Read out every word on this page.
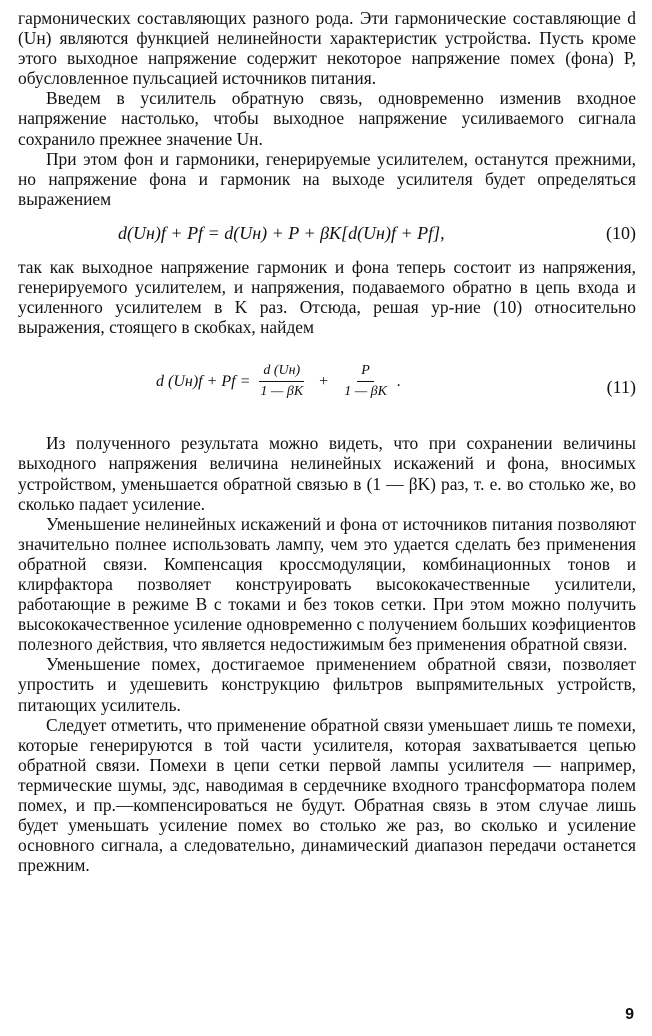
гармонических составляющих разного рода. Эти гармонические составляющие d (Uн) являются функцией нелинейности характеристик устройства. Пусть кроме этого выходное напряжение содержит некоторое напряжение помех (фона) P, обусловленное пульсацией источников питания.

Введем в усилитель обратную связь, одновременно изменив входное напряжение настолько, чтобы выходное напряжение усиливаемого сигнала сохранило прежнее значение Uн.

При этом фон и гармоники, генерируемые усилителем, останутся прежними, но напряжение фона и гармоник на выходе усилителя будет определяться выражением

d(Uн)f + Pf = d(Uн) + P + βK[d(Uн)f + Pf],	(10)

так как выходное напряжение гармоник и фона теперь состоит из напряжения, генерируемого усилителем, и напряжения, подаваемого обратно в цепь входа и усиленного усилителем в K раз. Отсюда, решая ур-ние (10) относительно выражения, стоящего в скобках, найдем

d $(Uн)f + Pf = \frac{d (Uн)}{1 — \beta K} + \frac{P}{1 — \beta K}$ .	(11)

Из полученного результата можно видеть, что при сохранении величины выходного напряжения величина нелинейных искажений и фона, вносимых устройством, уменьшается обратной связью в (1 — βK) раз, т. е. во столько же, во сколько падает усиление.

Уменьшение нелинейных искажений и фона от источников питания позволяют значительно полнее использовать лампу, чем это удается сделать без применения обратной связи. Компенсация кроссмодуляции, комбинационных тонов и клирфактора позволяет конструировать высококачественные усилители, работающие в режиме B с токами и без токов сетки. При этом можно получить высококачественное усиление одновременно с получением больших коэфициентов полезного действия, что является недостижимым без применения обратной связи.

Уменьшение помех, достигаемое применением обратной связи, позволяет упростить и удешевить конструкцию фильтров выпрямительных устройств, питающих усилитель.

Следует отметить, что применение обратной связи уменьшает лишь те помехи, которые генерируются в той части усилителя, которая захватывается цепью обратной связи. Помехи в цепи сетки первой лампы усилителя — например, термические шумы, эдс, наводимая в сердечнике входного трансформатора полем помех, и пр.—компенсироваться не будут. Обратная связь в этом случае лишь будет уменьшать усиление помех во столько же раз, во сколько и усиление основного сигнала, а следовательно, динамический диапазон передачи останется прежним.

9
